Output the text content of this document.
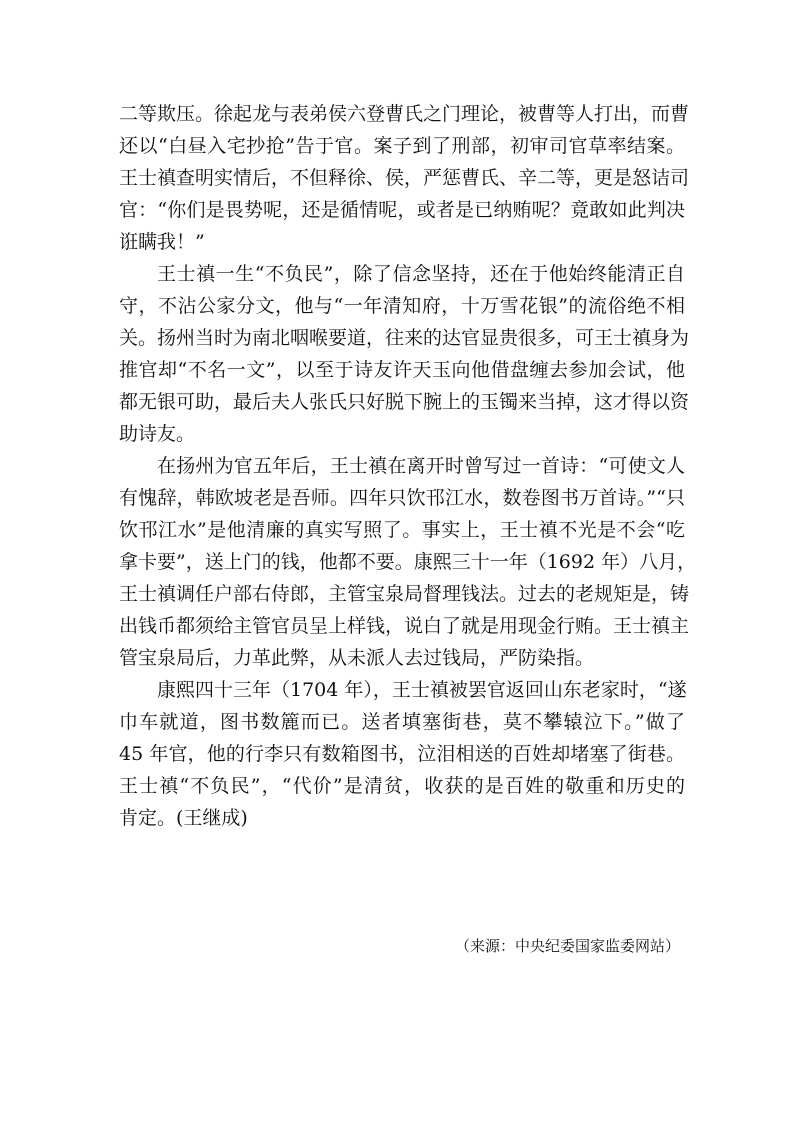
二等欺压。徐起龙与表弟侯六登曹氏之门理论，被曹等人打出，而曹
还以“白昼入宅抄抢”告于官。案子到了刑部，初审司官草率结案。
王士禛查明实情后，不但释徐、侯，严惩曹氏、辛二等，更是怒诘司
官：“你们是畏势呢，还是循情呢，或者是已纳贿呢？竟敢如此判决
诳瞒我！”
王士禛一生“不负民”，除了信念坚持，还在于他始终能清正自
守，不沾公家分文，他与“一年清知府，十万雪花银”的流俗绝不相
关。扬州当时为南北咽喉要道，往来的达官显贵很多，可王士禛身为
推官却“不名一文”，以至于诗友许天玉向他借盘缠去参加会试，他
都无银可助，最后夫人张氏只好脱下腕上的玉镯来当掉，这才得以资
助诗友。
在扬州为官五年后，王士禛在离开时曾写过一首诗：“可使文人
有愧辞，韩欧坡老是吾师。四年只饮邗江水，数卷图书万首诗。”“只
饮邗江水”是他清廉的真实写照了。事实上，王士禛不光是不会“吃
拿卡要”，送上门的钱，他都不要。康熙三十一年（1692 年）八月，
王士禛调任户部右侍郎，主管宝泉局督理钱法。过去的老规矩是，铸
出钱币都须给主管官员呈上样钱，说白了就是用现金行贿。王士禛主
管宝泉局后，力革此弊，从未派人去过钱局，严防染指。
康熙四十三年（1704 年），王士禛被罢官返回山东老家时，“遂
巾车就道，图书数簏而已。送者填塞街巷，莫不攀辕泣下。”做了
45 年官，他的行李只有数箱图书，泣泪相送的百姓却堵塞了街巷。
王士禛“不负民”，“代价”是清贫，收获的是百姓的敬重和历史的
肯定。(王继成)
（来源：中央纪委国家监委网站）
